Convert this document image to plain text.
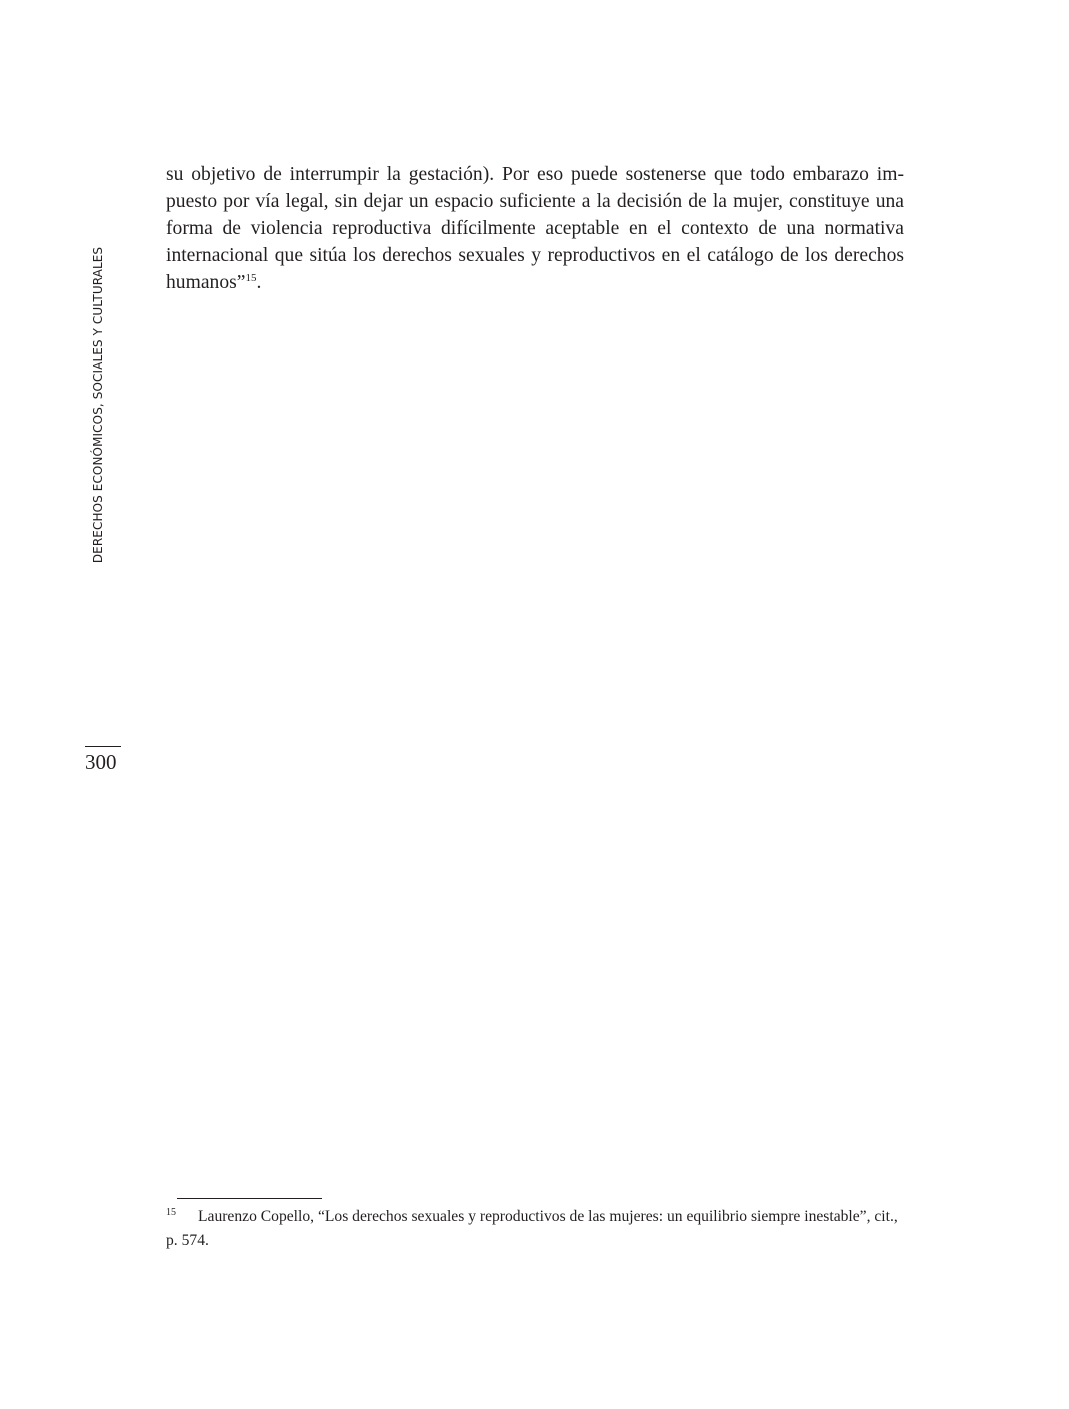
DERECHOS ECONÓMICOS, SOCIALES Y CULTURALES
300
su objetivo de interrumpir la gestación). Por eso puede sostenerse que todo embarazo im-
puesto por vía legal, sin dejar un espacio suficiente a la decisión de la mujer, constituye una
forma de violencia reproductiva difícilmente aceptable en el contexto de una normativa
internacional que sitúa los derechos sexuales y reproductivos en el catálogo de los derechos
humanos”$^{15}$.
15 Laurenzo Copello, “Los derechos sexuales y reproductivos de las mujeres: un equilibrio siempre inestable”, cit., p. 574.
